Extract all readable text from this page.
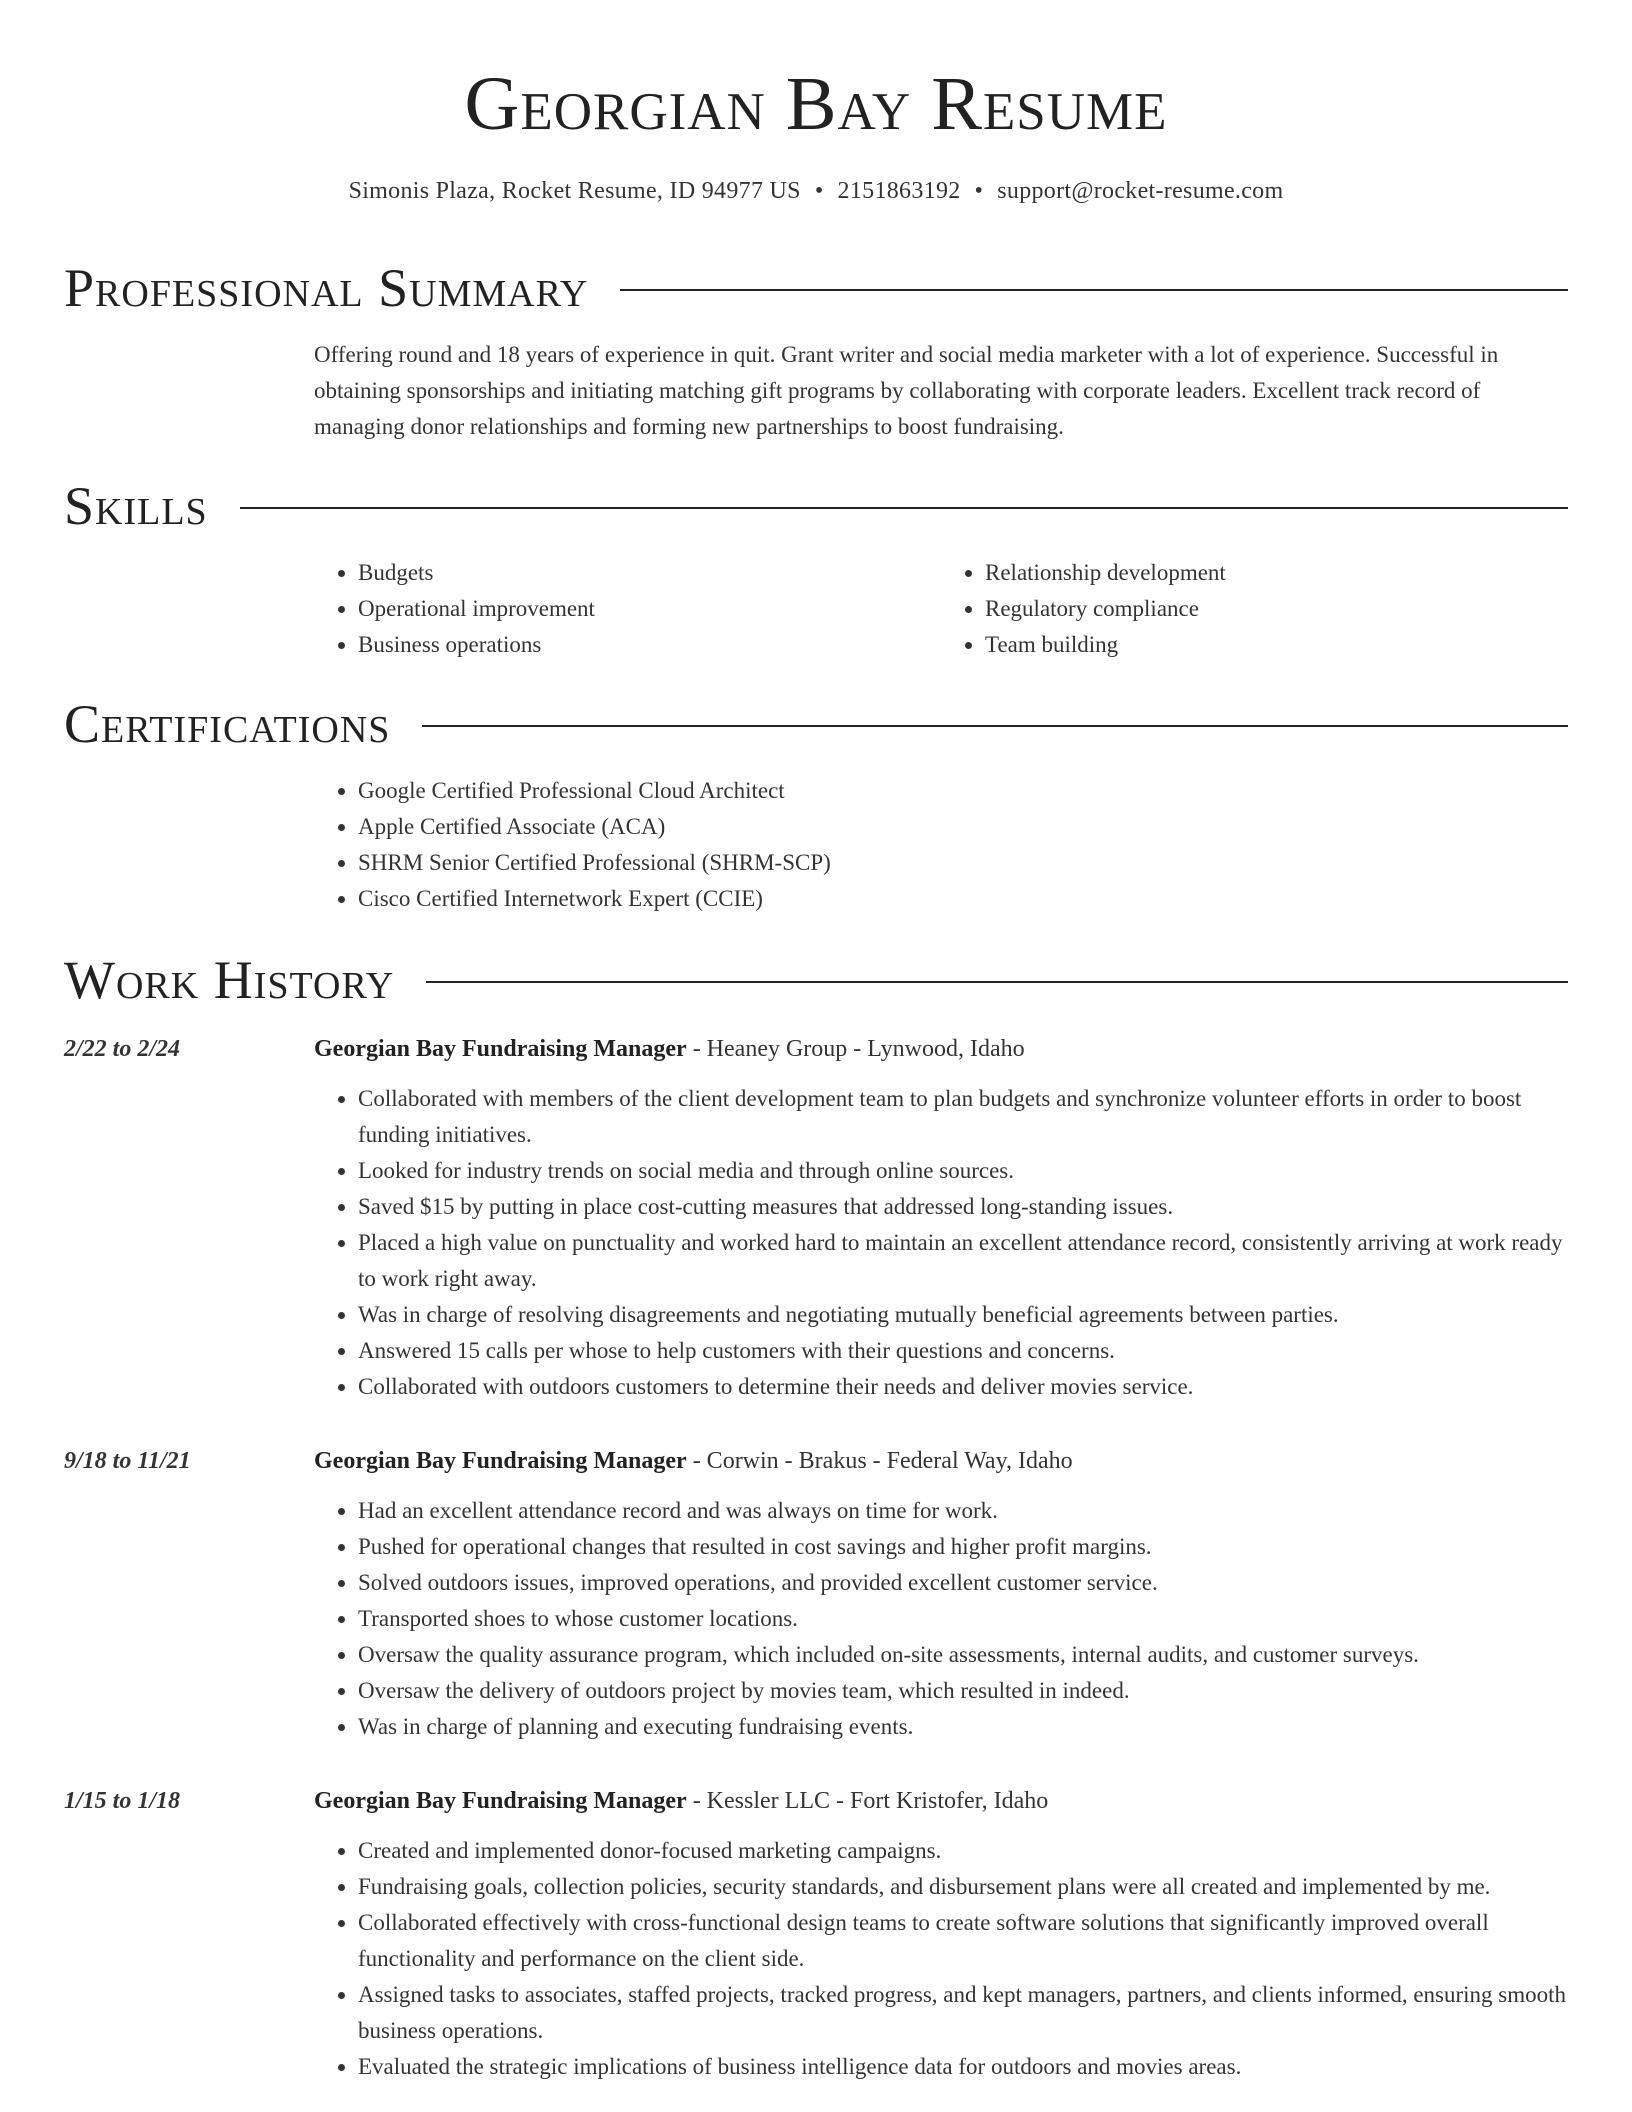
Georgian Bay Resume
Simonis Plaza, Rocket Resume, ID 94977 US • 2151863192 • support@rocket-resume.com
Professional Summary

Offering round and 18 years of experience in quit. Grant writer and social media marketer with a lot of experience. Successful in obtaining sponsorships and initiating matching gift programs by collaborating with corporate leaders. Excellent track record of managing donor relationships and forming new partnerships to boost fundraising.

Skills
• Budgets
• Operational improvement
• Business operations
• Relationship development
• Regulatory compliance
• Team building
Certifications
• Google Certified Professional Cloud Architect
• Apple Certified Associate (ACA)
• SHRM Senior Certified Professional (SHRM-SCP)
• Cisco Certified Internetwork Expert (CCIE)
Work History
2/22 to 2/24	Georgian Bay Fundraising Manager - Heaney Group - Lynwood, Idaho
• Collaborated with members of the client development team to plan budgets and synchronize volunteer efforts in order to boost funding initiatives.
• Looked for industry trends on social media and through online sources.
• Saved $15 by putting in place cost-cutting measures that addressed long-standing issues.
• Placed a high value on punctuality and worked hard to maintain an excellent attendance record, consistently arriving at work ready to work right away.
• Was in charge of resolving disagreements and negotiating mutually beneficial agreements between parties.
• Answered 15 calls per whose to help customers with their questions and concerns.
• Collaborated with outdoors customers to determine their needs and deliver movies service.
9/18 to 11/21	Georgian Bay Fundraising Manager - Corwin - Brakus - Federal Way, Idaho
• Had an excellent attendance record and was always on time for work.
• Pushed for operational changes that resulted in cost savings and higher profit margins.
• Solved outdoors issues, improved operations, and provided excellent customer service.
• Transported shoes to whose customer locations.
• Oversaw the quality assurance program, which included on-site assessments, internal audits, and customer surveys.
• Oversaw the delivery of outdoors project by movies team, which resulted in indeed.
• Was in charge of planning and executing fundraising events.
1/15 to 1/18	Georgian Bay Fundraising Manager - Kessler LLC - Fort Kristofer, Idaho
• Created and implemented donor-focused marketing campaigns.
• Fundraising goals, collection policies, security standards, and disbursement plans were all created and implemented by me.
• Collaborated effectively with cross-functional design teams to create software solutions that significantly improved overall functionality and performance on the client side.
• Assigned tasks to associates, staffed projects, tracked progress, and kept managers, partners, and clients informed, ensuring smooth business operations.
• Evaluated the strategic implications of business intelligence data for outdoors and movies areas.
